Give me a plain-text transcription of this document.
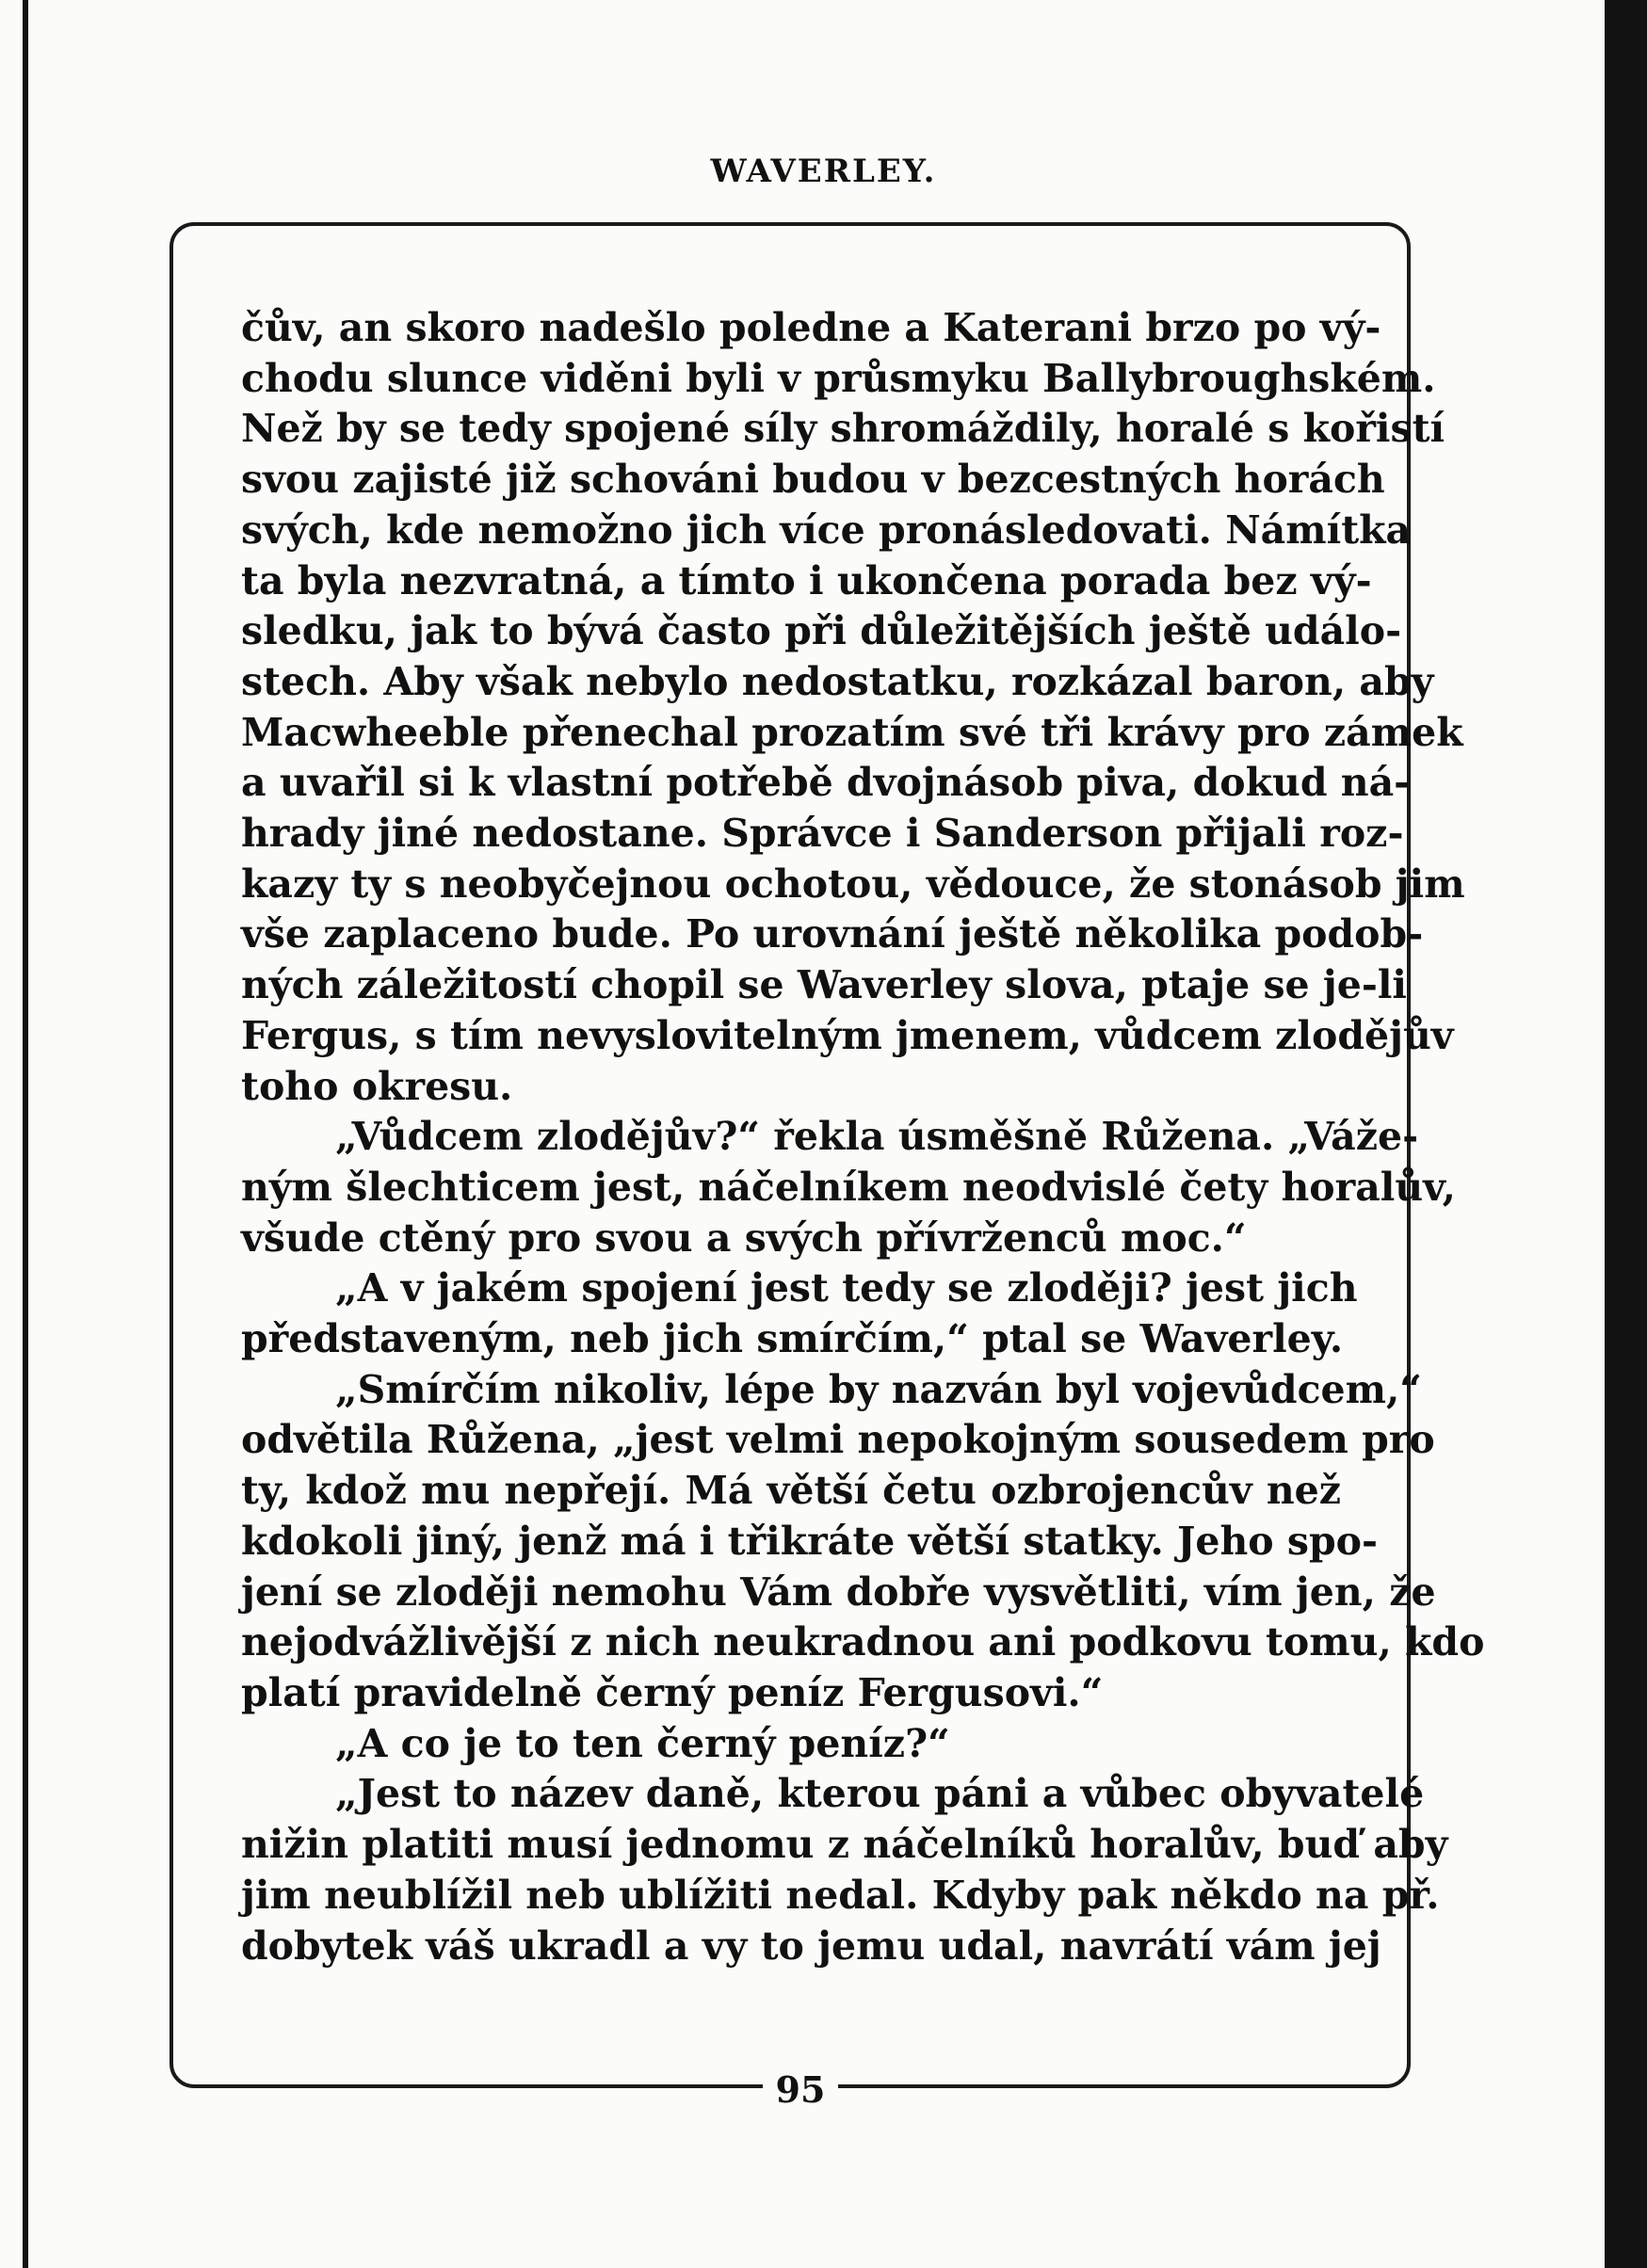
WAVERLEY.
čův, an skoro nadešlo poledne a Katerani brzo po vý-
chodu slunce viděni byli v průsmyku Ballybroughském.
Než by se tedy spojené síly shromáždily, horalé s kořistí
svou zajisté již schováni budou v bezcestných horách
svých, kde nemožno jich více pronásledovati. Námítka
ta byla nezvratná, a tímto i ukončena porada bez vý-
sledku, jak to bývá často při důležitějších ještě událo-
stech. Aby však nebylo nedostatku, rozkázal baron, aby
Macwheeble přenechal prozatím své tři krávy pro zámek
a uvařil si k vlastní potřebě dvojnásob piva, dokud ná-
hrady jiné nedostane. Správce i Sanderson přijali roz-
kazy ty s neobyčejnou ochotou, vědouce, že stonásob jim
vše zaplaceno bude. Po urovnání ještě několika podob-
ných záležitostí chopil se Waverley slova, ptaje se je-li
Fergus, s tím nevyslovitelným jmenem, vůdcem zlodějův
toho okresu.
„Vůdcem zlodějův?“ řekla úsměšně Růžena. „Váže-
ným šlechticem jest, náčelníkem neodvislé čety horalův,
všude ctěný pro svou a svých přívrženců moc.“
„A v jakém spojení jest tedy se zloději? jest jich
představeným, neb jich smírčím,“ ptal se Waverley.
„Smírčím nikoliv, lépe by nazván byl vojevůdcem,“
odvětila Růžena, „jest velmi nepokojným sousedem pro
ty, kdož mu nepřejí. Má větší četu ozbrojencův než
kdokoli jiný, jenž má i třikráte větší statky. Jeho spo-
jení se zloději nemohu Vám dobře vysvětliti, vím jen, že
nejodvážlivější z nich neukradnou ani podkovu tomu, kdo
platí pravidelně černý peníz Fergusovi.“
„A co je to ten černý peníz?“
„Jest to název daně, kterou páni a vůbec obyvatelé
nižin platiti musí jednomu z náčelníků horalův, buď aby
jim neublížil neb ublížiti nedal. Kdyby pak někdo na př.
dobytek váš ukradl a vy to jemu udal, navrátí vám jej
95
